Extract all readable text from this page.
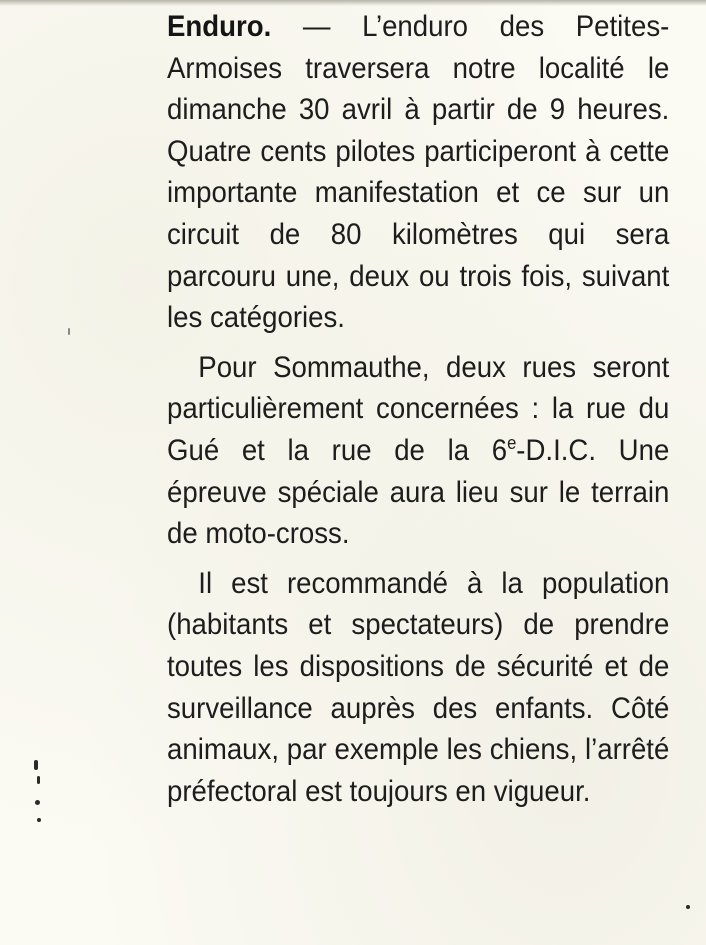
Enduro. — L’enduro des Petites-Armoises traversera notre localité le dimanche 30 avril à partir de 9 heures. Quatre cents pilotes participeront à cette importante manifestation et ce sur un circuit de 80 kilomètres qui sera parcouru une, deux ou trois fois, suivant les catégories.

Pour Sommauthe, deux rues seront particulièrement concernées : la rue du Gué et la rue de la 6e-D.I.C. Une épreuve spéciale aura lieu sur le terrain de moto-cross.

Il est recommandé à la population (habitants et spectateurs) de prendre toutes les dispositions de sécurité et de surveillance auprès des enfants. Côté animaux, par exemple les chiens, l’arrêté préfectoral est toujours en vigueur.
